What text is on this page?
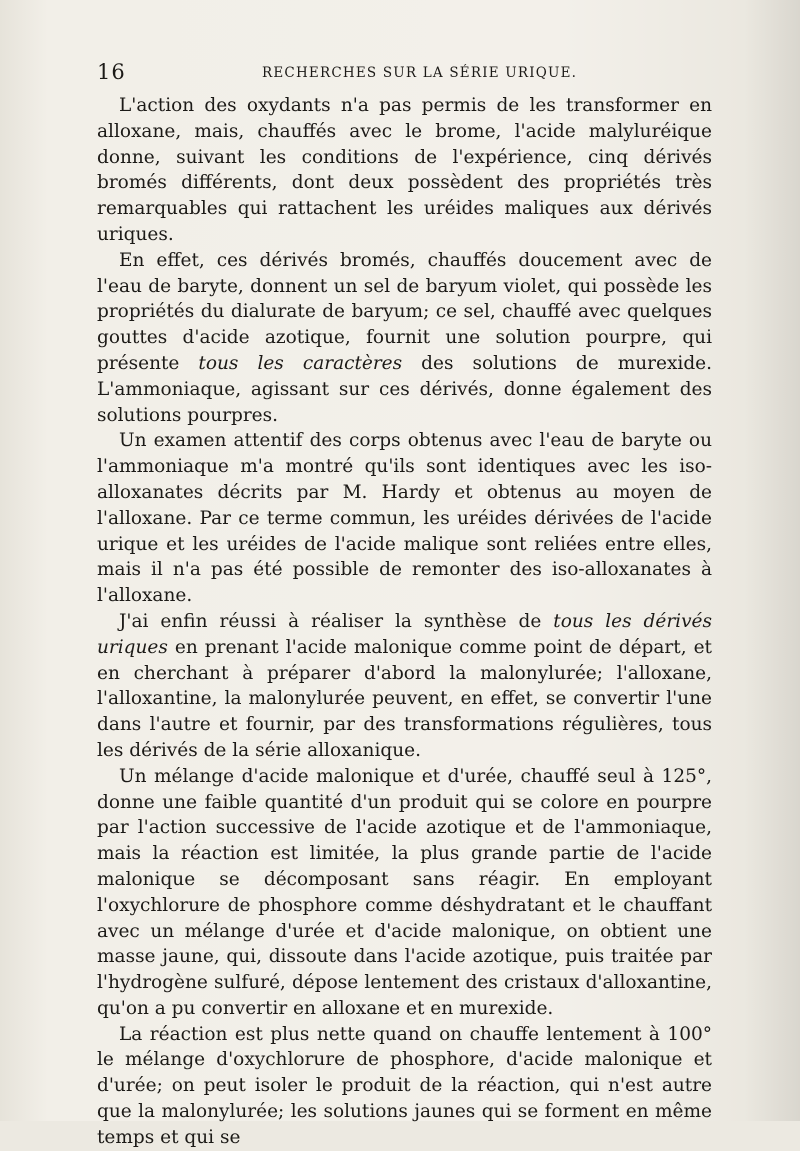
16	RECHERCHES SUR LA SÉRIE URIQUE.

L'action des oxydants n'a pas permis de les transformer en alloxane, mais, chauffés avec le brome, l'acide malyluréique donne, suivant les conditions de l'expérience, cinq dérivés bromés différents, dont deux possèdent des propriétés très remarquables qui rattachent les uréides maliques aux dérivés uriques.

En effet, ces dérivés bromés, chauffés doucement avec de l'eau de baryte, donnent un sel de baryum violet, qui possède les propriétés du dialurate de baryum; ce sel, chauffé avec quelques gouttes d'acide azotique, fournit une solution pourpre, qui présente tous les caractères des solutions de murexide. L'ammoniaque, agissant sur ces dérivés, donne également des solutions pourpres.

Un examen attentif des corps obtenus avec l'eau de baryte ou l'ammoniaque m'a montré qu'ils sont identiques avec les iso-alloxanates décrits par M. Hardy et obtenus au moyen de l'alloxane. Par ce terme commun, les uréides dérivées de l'acide urique et les uréides de l'acide malique sont reliées entre elles, mais il n'a pas été possible de remonter des iso-alloxanates à l'alloxane.

J'ai enfin réussi à réaliser la synthèse de tous les dérivés uriques en prenant l'acide malonique comme point de départ, et en cherchant à préparer d'abord la malonylurée; l'alloxane, l'alloxantine, la malonylurée peuvent, en effet, se convertir l'une dans l'autre et fournir, par des transformations régulières, tous les dérivés de la série alloxanique.

Un mélange d'acide malonique et d'urée, chauffé seul à 125°, donne une faible quantité d'un produit qui se colore en pourpre par l'action successive de l'acide azotique et de l'ammoniaque, mais la réaction est limitée, la plus grande partie de l'acide malonique se décomposant sans réagir. En employant l'oxychlorure de phosphore comme déshydratant et le chauffant avec un mélange d'urée et d'acide malonique, on obtient une masse jaune, qui, dissoute dans l'acide azotique, puis traitée par l'hydrogène sulfuré, dépose lentement des cristaux d'alloxantine, qu'on a pu convertir en alloxane et en murexide.

La réaction est plus nette quand on chauffe lentement à 100° le mélange d'oxychlorure de phosphore, d'acide malonique et d'urée; on peut isoler le produit de la réaction, qui n'est autre que la malonylurée; les solutions jaunes qui se forment en même temps et qui se
